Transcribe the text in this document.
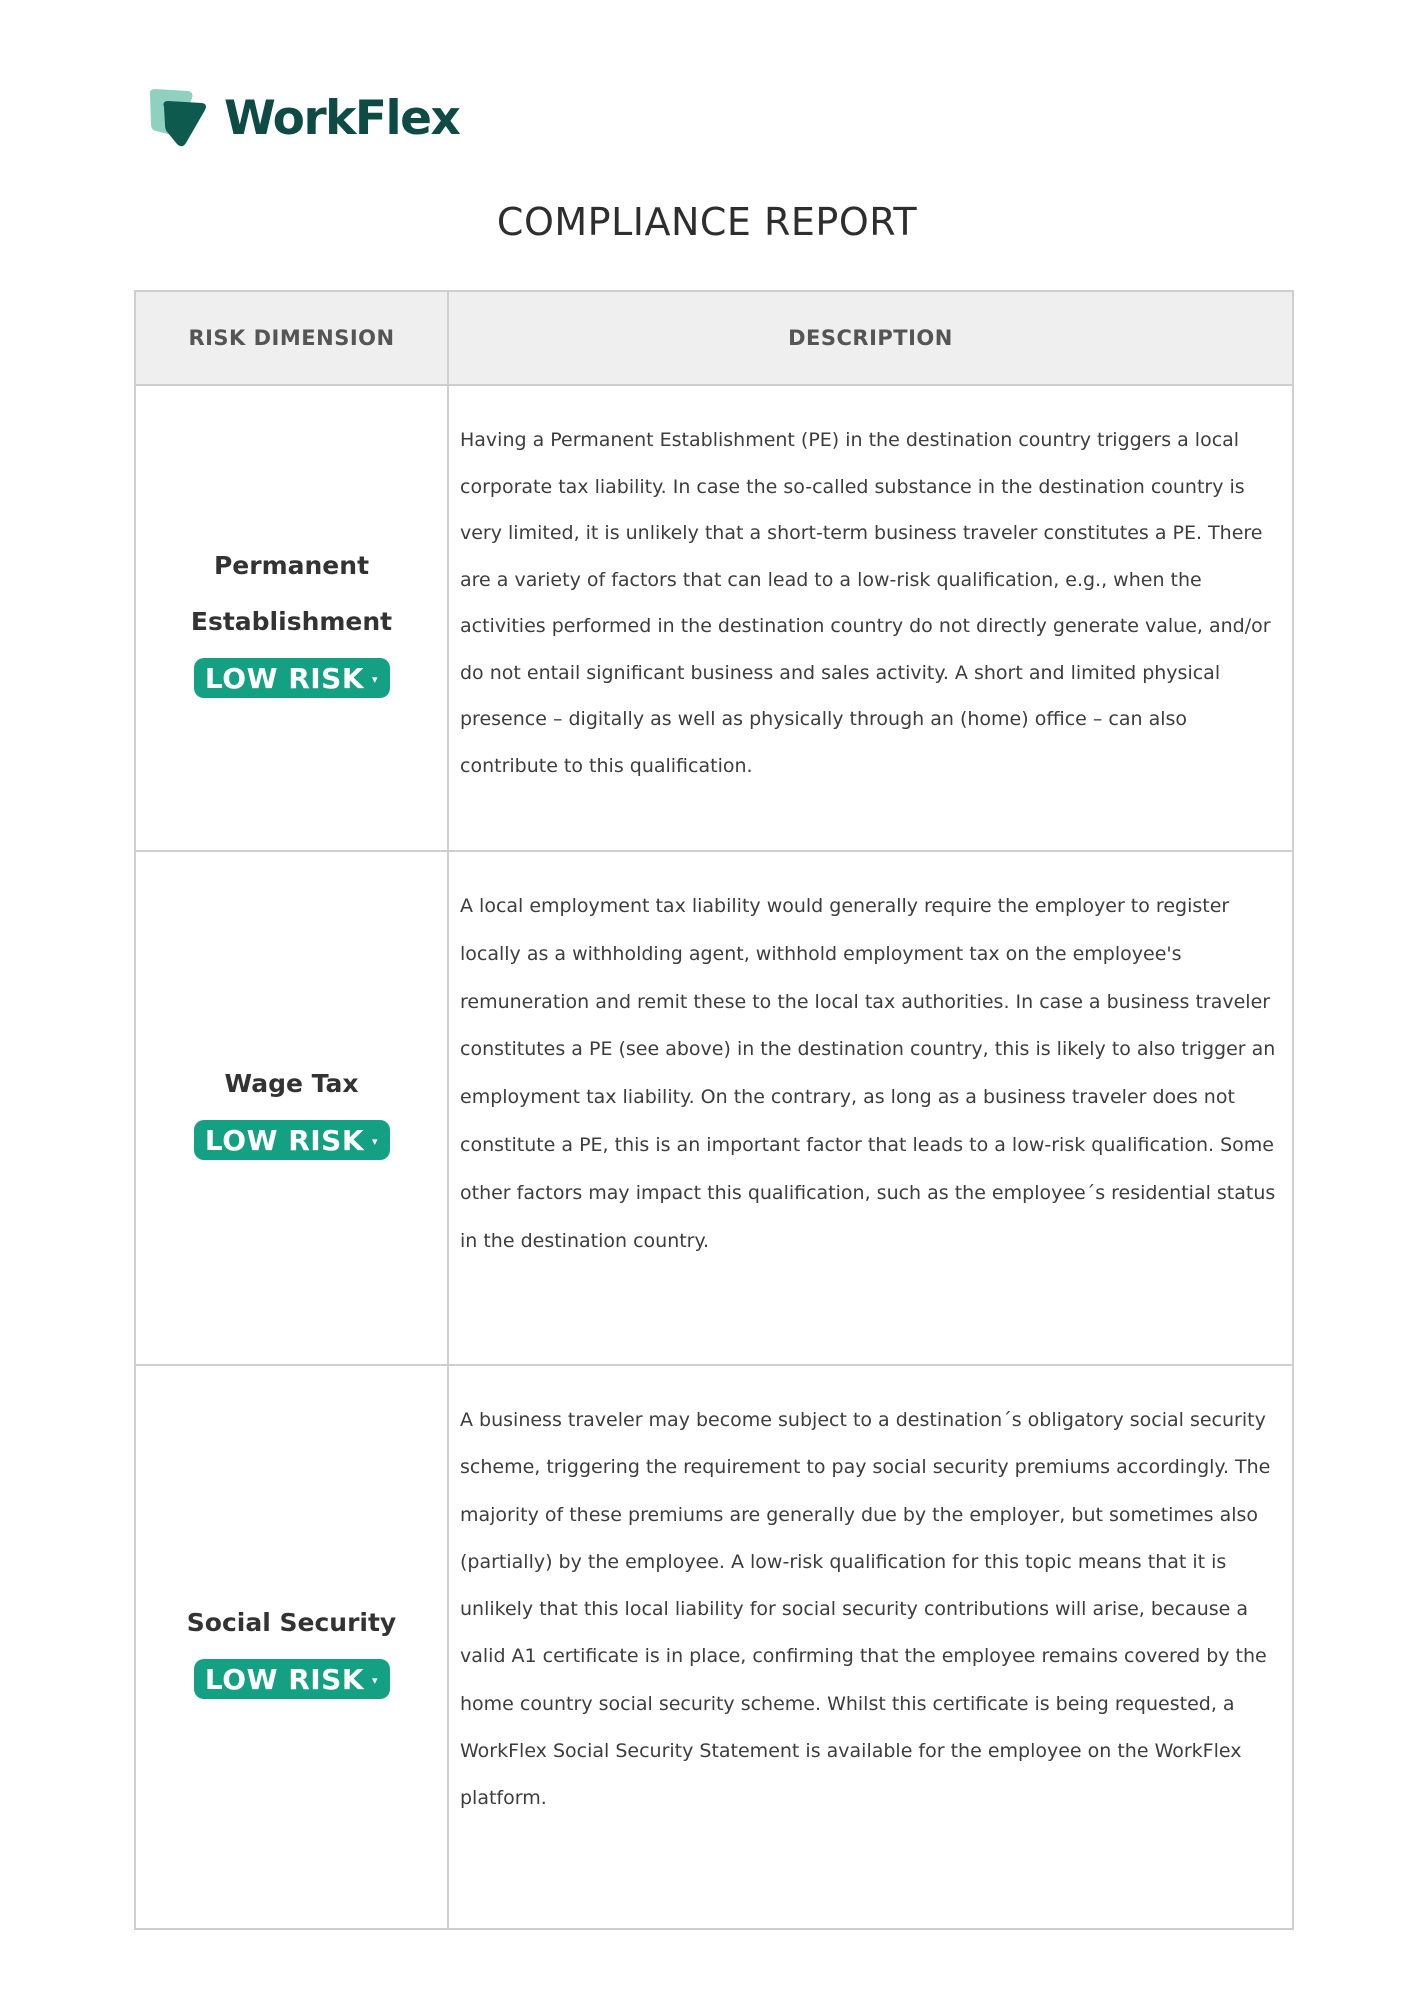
WorkFlex
COMPLIANCE REPORT
RISK DIMENSION	DESCRIPTION
Permanent Establishment
LOW RISK ▾
Having a Permanent Establishment (PE) in the destination country triggers a local corporate tax liability. In case the so-called substance in the destination country is very limited, it is unlikely that a short-term business traveler constitutes a PE. There are a variety of factors that can lead to a low-risk qualification, e.g., when the activities performed in the destination country do not directly generate value, and/or do not entail significant business and sales activity. A short and limited physical presence – digitally as well as physically through an (home) office – can also contribute to this qualification.
Wage Tax
LOW RISK ▾
A local employment tax liability would generally require the employer to register locally as a withholding agent, withhold employment tax on the employee's remuneration and remit these to the local tax authorities. In case a business traveler constitutes a PE (see above) in the destination country, this is likely to also trigger an employment tax liability. On the contrary, as long as a business traveler does not constitute a PE, this is an important factor that leads to a low-risk qualification. Some other factors may impact this qualification, such as the employee´s residential status in the destination country.
Social Security
LOW RISK ▾
A business traveler may become subject to a destination´s obligatory social security scheme, triggering the requirement to pay social security premiums accordingly. The majority of these premiums are generally due by the employer, but sometimes also (partially) by the employee. A low-risk qualification for this topic means that it is unlikely that this local liability for social security contributions will arise, because a valid A1 certificate is in place, confirming that the employee remains covered by the home country social security scheme. Whilst this certificate is being requested, a WorkFlex Social Security Statement is available for the employee on the WorkFlex platform.
